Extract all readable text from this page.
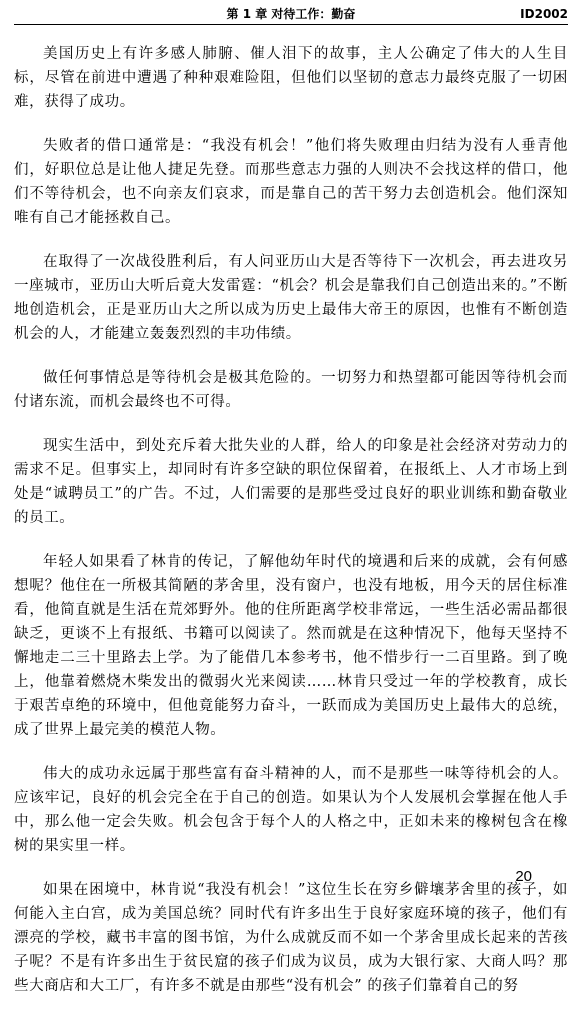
第 1 章 对待工作：勤奋	ID2002

美国历史上有许多感人肺腑、催人泪下的故事，主人公确定了伟大的人生目标，尽管在前进中遭遇了种种艰难险阻，但他们以坚韧的意志力最终克服了一切困难，获得了成功。

失败者的借口通常是：“我没有机会！”他们将失败理由归结为没有人垂青他们，好职位总是让他人捷足先登。而那些意志力强的人则决不会找这样的借口，他们不等待机会，也不向亲友们哀求，而是靠自己的苦干努力去创造机会。他们深知唯有自己才能拯救自己。

在取得了一次战役胜利后，有人问亚历山大是否等待下一次机会，再去进攻另一座城市，亚历山大听后竟大发雷霆：“机会？机会是靠我们自己创造出来的。”不断地创造机会，正是亚历山大之所以成为历史上最伟大帝王的原因，也惟有不断创造机会的人，才能建立轰轰烈烈的丰功伟绩。

做任何事情总是等待机会是极其危险的。一切努力和热望都可能因等待机会而付诸东流，而机会最终也不可得。

现实生活中，到处充斥着大批失业的人群，给人的印象是社会经济对劳动力的需求不足。但事实上，却同时有许多空缺的职位保留着，在报纸上、人才市场上到处是“诚聘员工”的广告。不过，人们需要的是那些受过良好的职业训练和勤奋敬业的员工。

年轻人如果看了林肯的传记，了解他幼年时代的境遇和后来的成就，会有何感想呢？他住在一所极其简陋的茅舍里，没有窗户，也没有地板，用今天的居住标准看，他简直就是生活在荒郊野外。他的住所距离学校非常远，一些生活必需品都很缺乏，更谈不上有报纸、书籍可以阅读了。然而就是在这种情况下，他每天坚持不懈地走二三十里路去上学。为了能借几本参考书，他不惜步行一二百里路。到了晚上，他靠着燃烧木柴发出的微弱火光来阅读……林肯只受过一年的学校教育，成长于艰苦卓绝的环境中，但他竟能努力奋斗，一跃而成为美国历史上最伟大的总统，成了世界上最完美的模范人物。

伟大的成功永远属于那些富有奋斗精神的人，而不是那些一味等待机会的人。应该牢记，良好的机会完全在于自己的创造。如果认为个人发展机会掌握在他人手中，那么他一定会失败。机会包含于每个人的人格之中，正如未来的橡树包含在橡树的果实里一样。

如果在困境中，林肯说“我没有机会！”这位生长在穷乡僻壤茅舍里的孩子，如何能入主白宫，成为美国总统？同时代有许多出生于良好家庭环境的孩子，他们有漂亮的学校，藏书丰富的图书馆，为什么成就反而不如一个茅舍里成长起来的苦孩子呢？不是有许多出生于贫民窟的孩子们成为议员，成为大银行家、大商人吗？那些大商店和大工厂，有许多不就是由那些“没有机会” 的孩子们靠着自己的努

20
